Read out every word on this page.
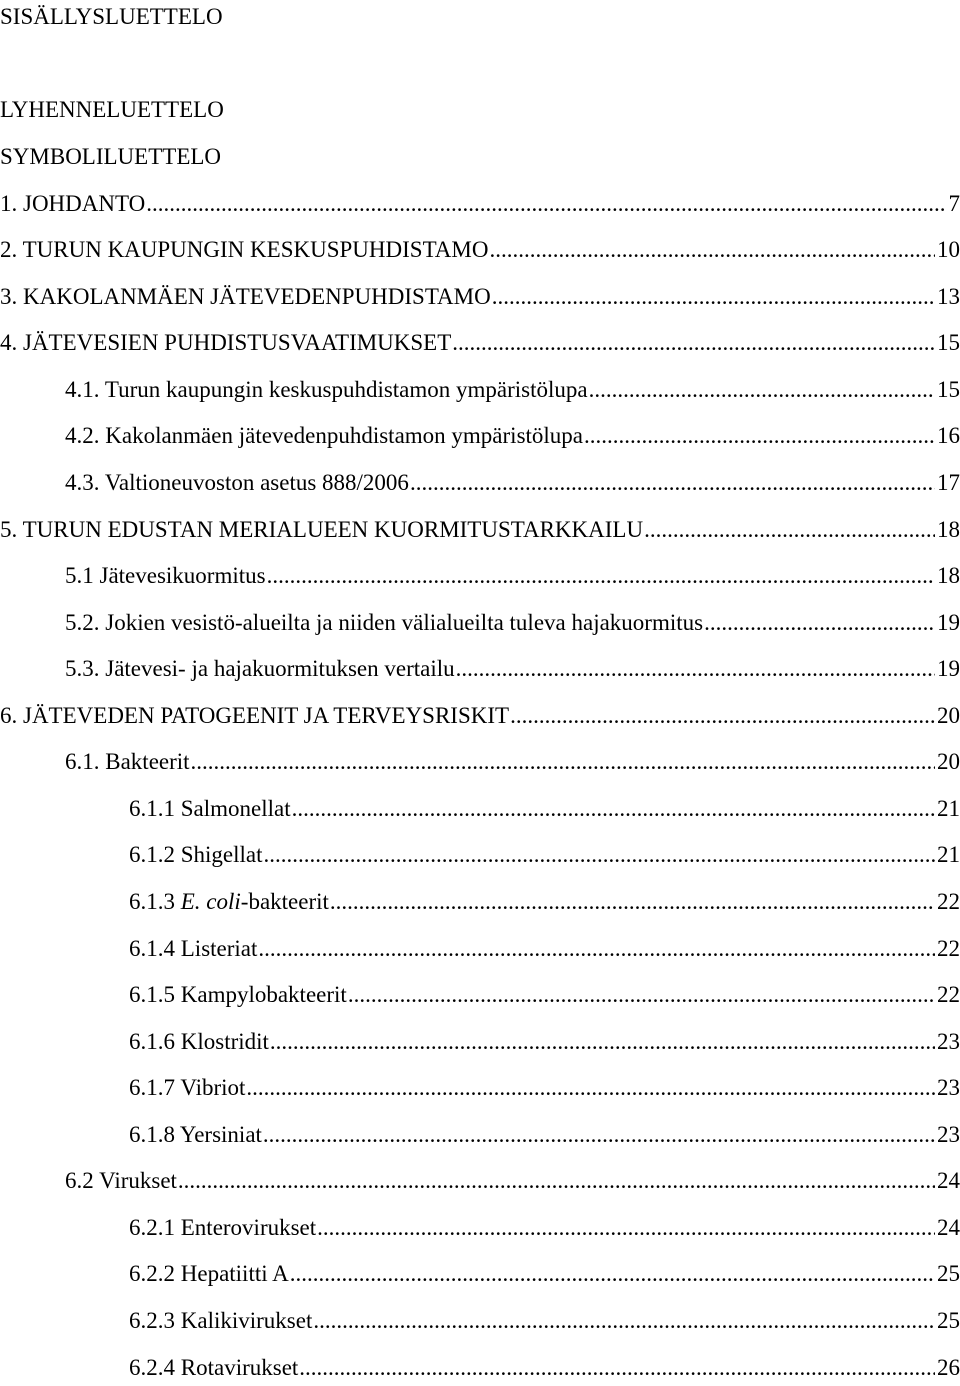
SISÄLLYSLUETTELO
LYHENNELUETTELO
SYMBOLILUETTELO
1. JOHDANTO .....	7
2. TURUN KAUPUNGIN KESKUSPUHDISTAMO .....	10
3. KAKOLANMÄEN JÄTEVEDENPUHDISTAMO .....	13
4. JÄTEVESIEN PUHDISTUSVAATIMUKSET .....	15
4.1. Turun kaupungin keskuspuhdistamon ympäristölupa .....	15
4.2. Kakolanmäen jätevedenpuhdistamon ympäristölupa .....	16
4.3. Valtioneuvoston asetus 888/2006 .....	17
5. TURUN EDUSTAN MERIALUEEN KUORMITUSTARKKAILU .....	18
5.1 Jätevesikuormitus .....	18
5.2. Jokien vesistö-alueilta ja niiden välialueilta tuleva hajakuormitus .....	19
5.3. Jätevesi- ja hajakuormituksen vertailu .....	19
6. JÄTEVEDEN PATOGEENIT JA TERVEYSRISKIT .....	20
6.1. Bakteerit .....	20
6.1.1 Salmonellat .....	21
6.1.2 Shigellat .....	21
6.1.3 E. coli-bakteerit .....	22
6.1.4 Listeriat .....	22
6.1.5 Kampylobakteerit .....	22
6.1.6 Klostridit .....	23
6.1.7 Vibriot .....	23
6.1.8 Yersiniat .....	23
6.2 Virukset .....	24
6.2.1 Enterovirukset .....	24
6.2.2 Hepatiitti A .....	25
6.2.3 Kalikivirukset .....	25
6.2.4 Rotavirukset .....	26
